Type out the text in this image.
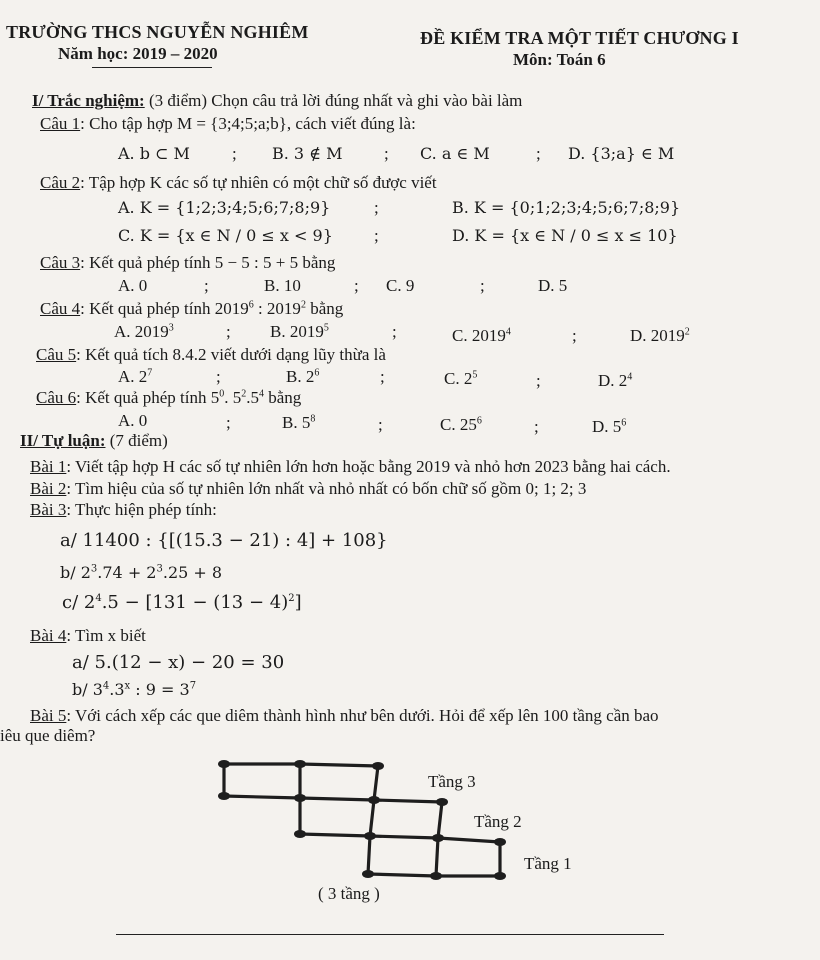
TRƯỜNG THCS NGUYỄN NGHIÊM
Năm học: 2019 – 2020
ĐỀ KIỂM TRA MỘT TIẾT CHƯƠNG I
Môn: Toán 6
I/ Trắc nghiệm: (3 điểm) Chọn câu trả lời đúng nhất và ghi vào bài làm
Câu 1: Cho tập hợp M = {3;4;5;a;b}, cách viết đúng là:
A. b ⊂ M ; B. 3 ∉ M ; C. a ∈ M	; D. {3;a} ∈ M
Câu 2: Tập hợp K các số tự nhiên có một chữ số được viết
A. K = {1;2;3;4;5;6;7;8;9}	;	B. K = {0;1;2;3;4;5;6;7;8;9}
C. K = {x ∈ N / 0 ≤ x < 9} ;	D. K = {x ∈ N / 0 ≤ x ≤ 10}
Câu 3: Kết quả phép tính 5 − 5 : 5 + 5 bằng
A. 0	;	B. 10	; C. 9	;	D. 5
Câu 4: Kết quả phép tính 2019$^6$ : 2019$^2$ bằng
A. 2019$^3$	; B. 2019$^5$	;	C. 2019$^4$	;	D. 2019$^2$
Câu 5: Kết quả tích 8.4.2 viết dưới dạng lũy thừa là
A. $2^7$	;	B. $2^6$	;	C. $2^5$	;	D. $2^4$
Câu 6: Kết quả phép tính $5^0$. $5^2.5^4$ bằng
A. 0	;	B. $5^8$	;	C. $25^6$	;	D. $5^6$
II/ Tự luận: (7 điểm)
Bài 1: Viết tập hợp H các số tự nhiên lớn hơn hoặc bằng 2019 và nhỏ hơn 2023 bằng hai cách.
Bài 2: Tìm hiệu của số tự nhiên lớn nhất và nhỏ nhất có bốn chữ số gồm 0; 1; 2; 3
Bài 3: Thực hiện phép tính:
a/ 11400 : {[(15.3 − 21) : 4] + 108}
b/ $2^3.74 + 2^3.25 + 8$
c/ $2^4.5 - [131 - (13 - 4)^2]$
Bài 4: Tìm x biết
a/ 5.(12 − x) − 20 = 30
b/ $3^4.3^x$ : $9 = 3^7$
Bài 5: Với cách xếp các que diêm thành hình như bên dưới. Hỏi để xếp lên 100 tầng cần bao
iêu que diêm?
Tầng 3
Tầng 2
Tầng 1
( 3 tầng )
